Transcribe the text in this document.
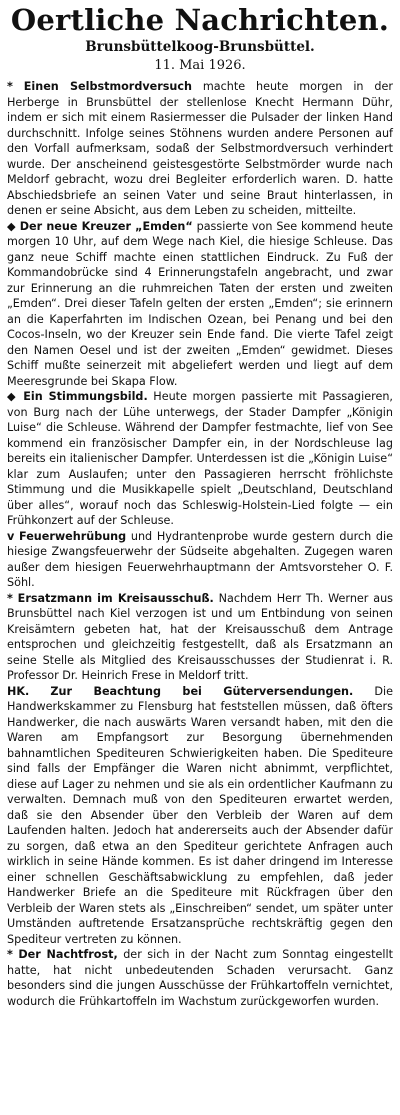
Oertliche Nachrichten.
Brunsbüttelkoog-Brunsbüttel.
11. Mai 1926.

* Einen Selbstmordversuch machte heute morgen in der Herberge in Brunsbüttel der stellenlose Knecht Hermann Dühr, indem er sich mit einem Rasiermesser die Pulsader der linken Hand durchschnitt. Infolge seines Stöhnens wurden andere Personen auf den Vorfall aufmerksam, sodaß der Selbstmordversuch verhindert wurde. Der anscheinend geistesgestörte Selbstmörder wurde nach Meldorf gebracht, wozu drei Begleiter erforderlich waren. D. hatte Abschiedsbriefe an seinen Vater und seine Braut hinterlassen, in denen er seine Absicht, aus dem Leben zu scheiden, mitteilte.

◆ Der neue Kreuzer „Emden“ passierte von See kommend heute morgen 10 Uhr, auf dem Wege nach Kiel, die hiesige Schleuse. Das ganz neue Schiff machte einen stattlichen Eindruck. Zu Fuß der Kommandobrücke sind 4 Erinnerungstafeln angebracht, und zwar zur Erinnerung an die ruhmreichen Taten der ersten und zweiten „Emden“. Drei dieser Tafeln gelten der ersten „Emden“; sie erinnern an die Kaperfahrten im Indischen Ozean, bei Penang und bei den Cocos-Inseln, wo der Kreuzer sein Ende fand. Die vierte Tafel zeigt den Namen Oesel und ist der zweiten „Emden“ gewidmet. Dieses Schiff mußte seinerzeit mit abgeliefert werden und liegt auf dem Meeresgrunde bei Skapa Flow.

◆ Ein Stimmungsbild. Heute morgen passierte mit Passagieren, von Burg nach der Lühe unterwegs, der Stader Dampfer „Königin Luise“ die Schleuse. Während der Dampfer festmachte, lief von See kommend ein französischer Dampfer ein, in der Nordschleuse lag bereits ein italienischer Dampfer. Unterdessen ist die „Königin Luise“ klar zum Auslaufen; unter den Passagieren herrscht fröhlichste Stimmung und die Musikkapelle spielt „Deutschland, Deutschland über alles“, worauf noch das Schleswig-Holstein-Lied folgte — ein Frühkonzert auf der Schleuse.

v Feuerwehrübung und Hydrantenprobe wurde gestern durch die hiesige Zwangsfeuerwehr der Südseite abgehalten. Zugegen waren außer dem hiesigen Feuerwehrhauptmann der Amtsvorsteher O. F. Söhl.

* Ersatzmann im Kreisausschuß. Nachdem Herr Th. Werner aus Brunsbüttel nach Kiel verzogen ist und um Entbindung von seinen Kreisämtern gebeten hat, hat der Kreisausschuß dem Antrage entsprochen und gleichzeitig festgestellt, daß als Ersatzmann an seine Stelle als Mitglied des Kreisausschusses der Studienrat i. R. Professor Dr. Heinrich Frese in Meldorf tritt.

HK. Zur Beachtung bei Güterversendungen. Die Handwerkskammer zu Flensburg hat feststellen müssen, daß öfters Handwerker, die nach auswärts Waren versandt haben, mit den die Waren am Empfangsort zur Besorgung übernehmenden bahnamtlichen Spediteuren Schwierigkeiten haben. Die Spediteure sind falls der Empfänger die Waren nicht abnimmt, verpflichtet, diese auf Lager zu nehmen und sie als ein ordentlicher Kaufmann zu verwalten. Demnach muß von den Spediteuren erwartet werden, daß sie den Absender über den Verbleib der Waren auf dem Laufenden halten. Jedoch hat andererseits auch der Absender dafür zu sorgen, daß etwa an den Spediteur gerichtete Anfragen auch wirklich in seine Hände kommen. Es ist daher dringend im Interesse einer schnellen Geschäftsabwicklung zu empfehlen, daß jeder Handwerker Briefe an die Spediteure mit Rückfragen über den Verbleib der Waren stets als „Einschreiben“ sendet, um später unter Umständen auftretende Ersatzansprüche rechtskräftig gegen den Spediteur vertreten zu können.

* Der Nachtfrost, der sich in der Nacht zum Sonntag eingestellt hatte, hat nicht unbedeutenden Schaden verursacht. Ganz besonders sind die jungen Ausschüsse der Frühkartoffeln vernichtet, wodurch die Frühkartoffeln im Wachstum zurückgeworfen wurden.
